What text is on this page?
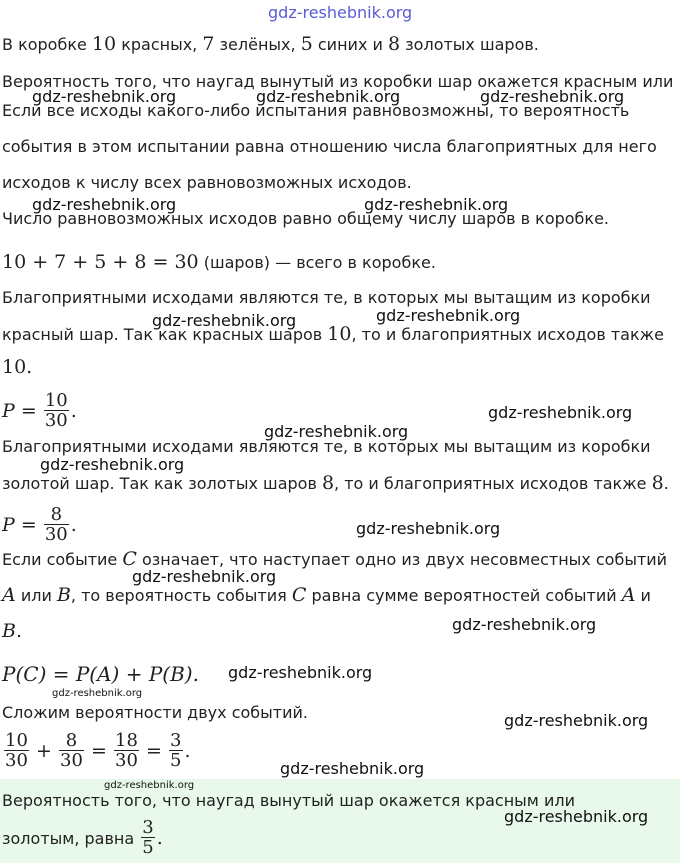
gdz-reshebnik.org
В коробке 10 красных, 7 зелёных, 5 синих и 8 золотых шаров.
Вероятность того, что наугад вынутый из коробки шар окажется красным или
Если все исходы какого-либо испытания равновозможны, то вероятность
события в этом испытании равна отношению числа благоприятных для него
исходов к числу всех равновозможных исходов.
Число равновозможных исходов равно общему числу шаров в коробке.
10 + 7 + 5 + 8 = 30 (шаров) — всего в коробке.
Благоприятными исходами являются те, в которых мы вытащим из коробки
красный шар. Так как красных шаров 10, то и благоприятных исходов также
10.
$P = \frac{10}{30}$ .
Благоприятными исходами являются те, в которых мы вытащим из коробки
золотой шар. Так как золотых шаров 8, то и благоприятных исходов также 8.
$P = \frac{8}{30}$ .
Если событие C означает, что наступает одно из двух несовместных событий
A или B, то вероятность события C равна сумме вероятностей событий A и
B.
P(C) = P(A) + P(B).
Сложим вероятности двух событий.
$\frac{10}{30} + \frac{8}{30} = \frac{18}{30} = \frac{3}{5}$ .
Вероятность того, что наугад вынутый шар окажется красным или
золотым, равна $\frac{3}{5}$ .
gdz-reshebnik.org	gdz-reshebnik.org	gdz-reshebnik.org
gdz-reshebnik.org	gdz-reshebnik.org
gdz-reshebnik.org	gdz-reshebnik.org
gdz-reshebnik.org
gdz-reshebnik.org
gdz-reshebnik.org
gdz-reshebnik.org
gdz-reshebnik.org
gdz-reshebnik.org
gdz-reshebnik.org
gdz-reshebnik.org
gdz-reshebnik.org
gdz-reshebnik.org
gdz-reshebnik.org
gdz-reshebnik.org
